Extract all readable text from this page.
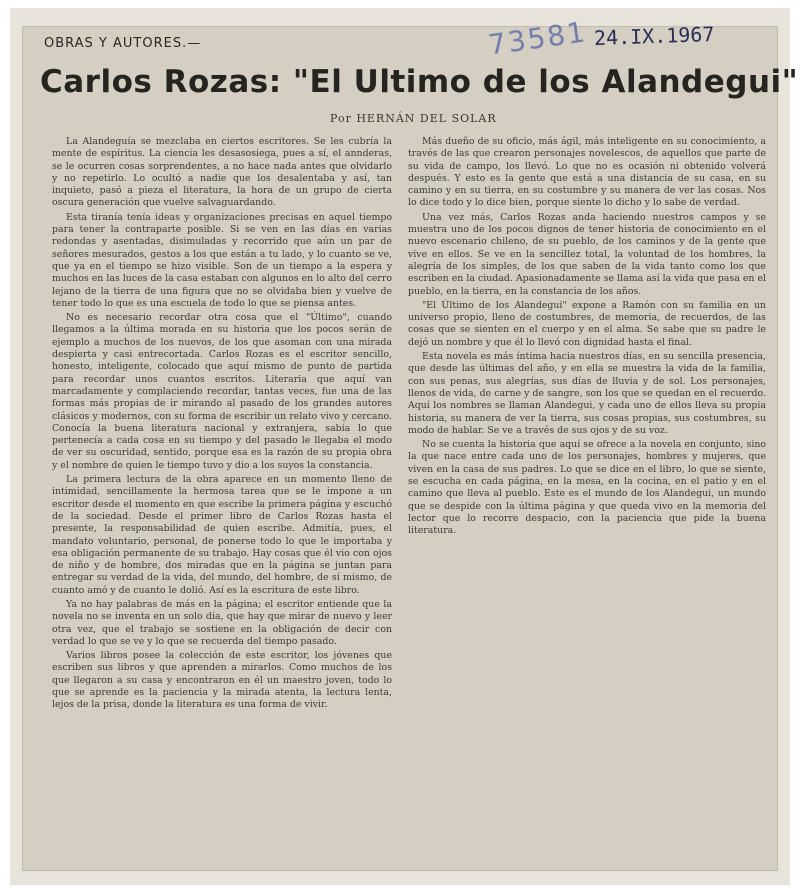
OBRAS Y AUTORES.—	73581 24.IX.1967
Carlos Rozas: "El Ultimo de los Alandegui"
Por HERNÁN DEL SOLAR

La Alandeguía se mezclaba en ciertos escritores. Se les cubría la mente de espíritus. La ciencia les desasosiega, pues a sí, el annderas, se le ocurren cosas sorprendentes, a no hace nada antes que olvidarlo y no repetirlo. Lo ocultó a nadie que los desalentaba y así, tan inquieto, pasó a pieza el literatura, la hora de un grupo de cierta oscura generación que vuelve salvaguardando.

Esta tiranía tenía ideas y organizaciones precisas en aquel tiempo para tener la contraparte posible. Si se ven en las días en varias redondas y asentadas, disimuladas y recorrido que aún un par de señores mesurados, gestos a los que están a tu lado, y lo cuanto se ve, que ya en el tiempo se hizo visible. Son de un tiempo a la espera y muchos en las luces de la casa estaban con algunos en lo alto del cerro lejano de la tierra de una figura que no se olvidaba bien y vuelve de tener todo lo que es una escuela de todo lo que se piensa antes.

No es necesario recordar otra cosa que el "Último", cuando llegamos a la última morada en su historia que los pocos serán de ejemplo a muchos de los nuevos, de los que asoman con una mirada despierta y casi entrecortada. Carlos Rozas es el escritor sencillo, honesto, inteligente, colocado que aquí mismo de punto de partida para recordar unos cuantos escritos. Literaria que aquí van marcadamente y complaciendo recordar, tantas veces, fue una de las formas más propias de ir mirando al pasado de los grandes autores clásicos y modernos, con su forma de escribir un relato vivo y cercano. Conocía la buena literatura nacional y extranjera, sabía lo que pertenecía a cada cosa en su tiempo y del pasado le llegaba el modo de ver su oscuridad, sentido, porque esa es la razón de su propia obra y el nombre de quien le tiempo tuvo y dio a los suyos la constancia.

La primera lectura de la obra aparece en un momento lleno de intimidad, sencillamente la hermosa tarea que se le impone a un escritor desde el momento en que escribe la primera página y escuchó de la sociedad. Desde el primer libro de Carlos Rozas hasta el presente, la responsabilidad de quien escribe. Admitía, pues, el mandato voluntario, personal, de ponerse todo lo que le importaba y esa obligación permanente de su trabajo. Hay cosas que él vio con ojos de niño y de hombre, dos miradas que en la página se juntan para entregar su verdad de la vida, del mundo, del hombre, de sí mismo, de cuanto amó y de cuanto le dolió. Así es la escritura de este libro.

Ya no hay palabras de más en la página; el escritor entiende que la novela no se inventa en un solo día, que hay que mirar de nuevo y leer otra vez, que el trabajo se sostiene en la obligación de decir con verdad lo que se ve y lo que se recuerda del tiempo pasado.

Varios libros posee la colección de este escritor, los jóvenes que escriben sus libros y que aprenden a mirarlos. Como muchos de los que llegaron a su casa y encontraron en él un maestro joven, todo lo que se aprende es la paciencia y la mirada atenta, la lectura lenta, lejos de la prisa, donde la literatura es una forma de vivir.

Más dueño de su oficio, más ágil, más inteligente en su conocimiento, a través de las que crearon personajes novelescos, de aquellos que parte de su vida de campo, los llevó. Lo que no es ocasión ni obtenido volverá después. Y esto es la gente que está a una distancia de su casa, en su camino y en su tierra, en su costumbre y su manera de ver las cosas. Nos lo dice todo y lo dice bien, porque siente lo dicho y lo sabe de verdad.

Una vez más, Carlos Rozas anda haciendo nuestros campos y se muestra uno de los pocos dignos de tener historia de conocimiento en el nuevo escenario chileno, de su pueblo, de los caminos y de la gente que vive en ellos. Se ve en la sencillez total, la voluntad de los hombres, la alegría de los simples, de los que saben de la vida tanto como los que escriben en la ciudad. Apasionadamente se llama así la vida que pasa en el pueblo, en la tierra, en la constancia de los años.

"El Último de los Alandegui" expone a Ramón con su familia en un universo propio, lleno de costumbres, de memoria, de recuerdos, de las cosas que se sienten en el cuerpo y en el alma. Se sabe que su padre le dejó un nombre y que él lo llevó con dignidad hasta el final.

Esta novela es más íntima hacia nuestros días, en su sencilla presencia, que desde las últimas del año, y en ella se muestra la vida de la familia, con sus penas, sus alegrías, sus días de lluvia y de sol. Los personajes, llenos de vida, de carne y de sangre, son los que se quedan en el recuerdo. Aquí los nombres se llaman Alandegui, y cada uno de ellos lleva su propia historia, su manera de ver la tierra, sus cosas propias, sus costumbres, su modo de hablar. Se ve a través de sus ojos y de su voz.

No se cuenta la historia que aquí se ofrece a la novela en conjunto, sino la que nace entre cada uno de los personajes, hombres y mujeres, que viven en la casa de sus padres. Lo que se dice en el libro, lo que se siente, se escucha en cada página, en la mesa, en la cocina, en el patio y en el camino que lleva al pueblo. Este es el mundo de los Alandegui, un mundo que se despide con la última página y que queda vivo en la memoria del lector que lo recorre despacio, con la paciencia que pide la buena literatura.
